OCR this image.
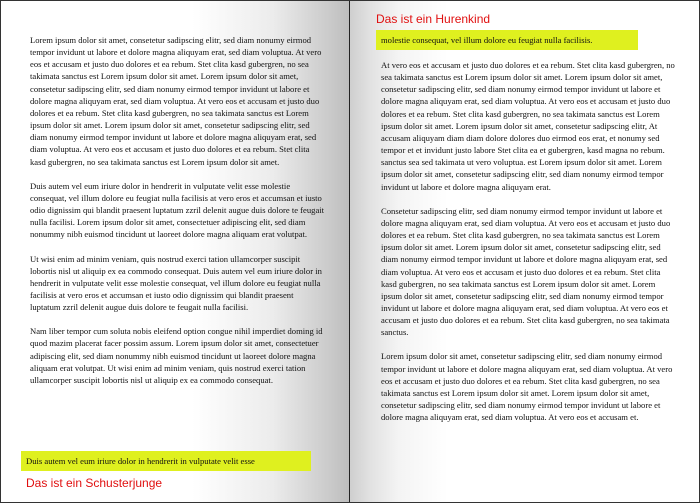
Lorem ipsum dolor sit amet, consetetur sadipscing elitr, sed diam nonumy eirmod tempor invidunt ut labore et dolore magna aliquyam erat, sed diam voluptua. At vero eos et accusam et justo duo dolores et ea rebum. Stet clita kasd gubergren, no sea takimata sanctus est Lorem ipsum dolor sit amet. Lorem ipsum dolor sit amet, consetetur sadipscing elitr, sed diam nonumy eirmod tempor invidunt ut labore et dolore magna aliquyam erat, sed diam voluptua. At vero eos et accusam et justo duo dolores et ea rebum. Stet clita kasd gubergren, no sea takimata sanctus est Lorem ipsum dolor sit amet. Lorem ipsum dolor sit amet, consetetur sadipscing elitr, sed diam nonumy eirmod tempor invidunt ut labore et dolore magna aliquyam erat, sed diam voluptua. At vero eos et accusam et justo duo dolores et ea rebum. Stet clita kasd gubergren, no sea takimata sanctus est Lorem ipsum dolor sit amet.

Duis autem vel eum iriure dolor in hendrerit in vulputate velit esse molestie consequat, vel illum dolore eu feugiat nulla facilisis at vero eros et accumsan et iusto odio dignissim qui blandit praesent luptatum zzril delenit augue duis dolore te feugait nulla facilisi. Lorem ipsum dolor sit amet, consectetuer adipiscing elit, sed diam nonummy nibh euismod tincidunt ut laoreet dolore magna aliquam erat volutpat.

Ut wisi enim ad minim veniam, quis nostrud exerci tation ullamcorper suscipit lobortis nisl ut aliquip ex ea commodo consequat. Duis autem vel eum iriure dolor in hendrerit in vulputate velit esse molestie consequat, vel illum dolore eu feugiat nulla facilisis at vero eros et accumsan et iusto odio dignissim qui blandit praesent luptatum zzril delenit augue duis dolore te feugait nulla facilisi.

Nam liber tempor cum soluta nobis eleifend option congue nihil imperdiet doming id quod mazim placerat facer possim assum. Lorem ipsum dolor sit amet, consectetuer adipiscing elit, sed diam nonummy nibh euismod tincidunt ut laoreet dolore magna aliquam erat volutpat. Ut wisi enim ad minim veniam, quis nostrud exerci tation ullamcorper suscipit lobortis nisl ut aliquip ex ea commodo consequat.

Duis autem vel eum iriure dolor in hendrerit in vulputate velit esse
Das ist ein Schusterjunge
Das ist ein Hurenkind
molestie consequat, vel illum dolore eu feugiat nulla facilisis.

At vero eos et accusam et justo duo dolores et ea rebum. Stet clita kasd gubergren, no sea takimata sanctus est Lorem ipsum dolor sit amet. Lorem ipsum dolor sit amet, consetetur sadipscing elitr, sed diam nonumy eirmod tempor invidunt ut labore et dolore magna aliquyam erat, sed diam voluptua. At vero eos et accusam et justo duo dolores et ea rebum. Stet clita kasd gubergren, no sea takimata sanctus est Lorem ipsum dolor sit amet. Lorem ipsum dolor sit amet, consetetur sadipscing elitr, At accusam aliquyam diam diam dolore dolores duo eirmod eos erat, et nonumy sed tempor et et invidunt justo labore Stet clita ea et gubergren, kasd magna no rebum. sanctus sea sed takimata ut vero voluptua. est Lorem ipsum dolor sit amet. Lorem ipsum dolor sit amet, consetetur sadipscing elitr, sed diam nonumy eirmod tempor invidunt ut labore et dolore magna aliquyam erat.

Consetetur sadipscing elitr, sed diam nonumy eirmod tempor invidunt ut labore et dolore magna aliquyam erat, sed diam voluptua. At vero eos et accusam et justo duo dolores et ea rebum. Stet clita kasd gubergren, no sea takimata sanctus est Lorem ipsum dolor sit amet. Lorem ipsum dolor sit amet, consetetur sadipscing elitr, sed diam nonumy eirmod tempor invidunt ut labore et dolore magna aliquyam erat, sed diam voluptua. At vero eos et accusam et justo duo dolores et ea rebum. Stet clita kasd gubergren, no sea takimata sanctus est Lorem ipsum dolor sit amet. Lorem ipsum dolor sit amet, consetetur sadipscing elitr, sed diam nonumy eirmod tempor invidunt ut labore et dolore magna aliquyam erat, sed diam voluptua. At vero eos et accusam et justo duo dolores et ea rebum. Stet clita kasd gubergren, no sea takimata sanctus.

Lorem ipsum dolor sit amet, consetetur sadipscing elitr, sed diam nonumy eirmod tempor invidunt ut labore et dolore magna aliquyam erat, sed diam voluptua. At vero eos et accusam et justo duo dolores et ea rebum. Stet clita kasd gubergren, no sea takimata sanctus est Lorem ipsum dolor sit amet. Lorem ipsum dolor sit amet, consetetur sadipscing elitr, sed diam nonumy eirmod tempor invidunt ut labore et dolore magna aliquyam erat, sed diam voluptua. At vero eos et accusam et.
